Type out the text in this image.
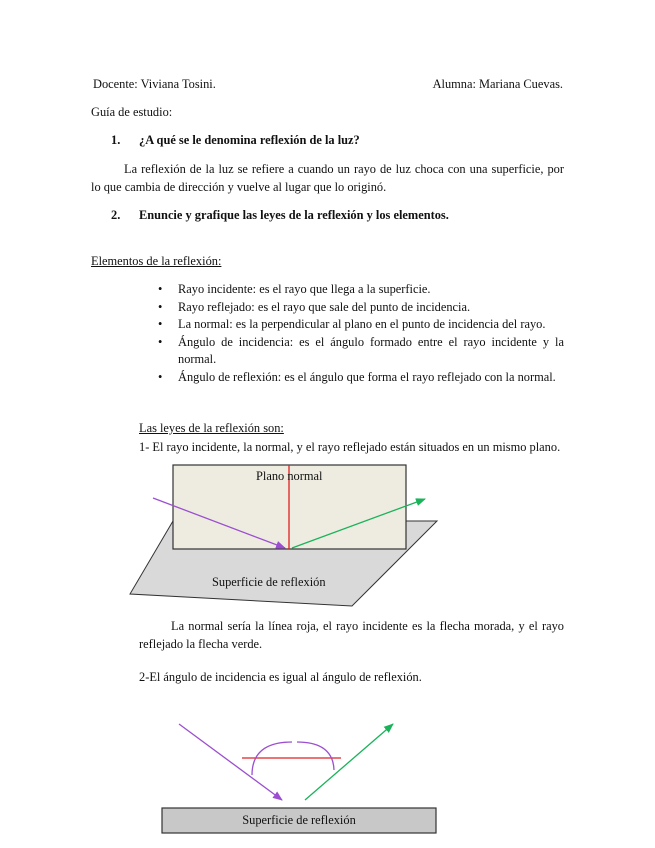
Docente: Viviana Tosini.	Alumna: Mariana Cuevas.
Guía de estudio:
1. ¿A qué se le denomina reflexión de la luz?
La reflexión de la luz se refiere a cuando un rayo de luz choca con una superficie, por
lo que cambia de dirección y vuelve al lugar que lo originó.
2. Enuncie y grafique las leyes de la reflexión y los elementos.
Elementos de la reflexión:
• Rayo incidente: es el rayo que llega a la superficie.
• Rayo reflejado: es el rayo que sale del punto de incidencia.
• La normal: es la perpendicular al plano en el punto de incidencia del rayo.
• Ángulo de incidencia: es el ángulo formado entre el rayo incidente y la normal.
• Ángulo de reflexión: es el ángulo que forma el rayo reflejado con la normal.
Las leyes de la reflexión son:
1- El rayo incidente, la normal, y el rayo reflejado están situados en un mismo plano.
Plano normal
Superficie de reflexión
La normal sería la línea roja, el rayo incidente es la flecha morada, y el rayo reflejado la flecha verde.
2-El ángulo de incidencia es igual al ángulo de reflexión.
Superficie de reflexión
